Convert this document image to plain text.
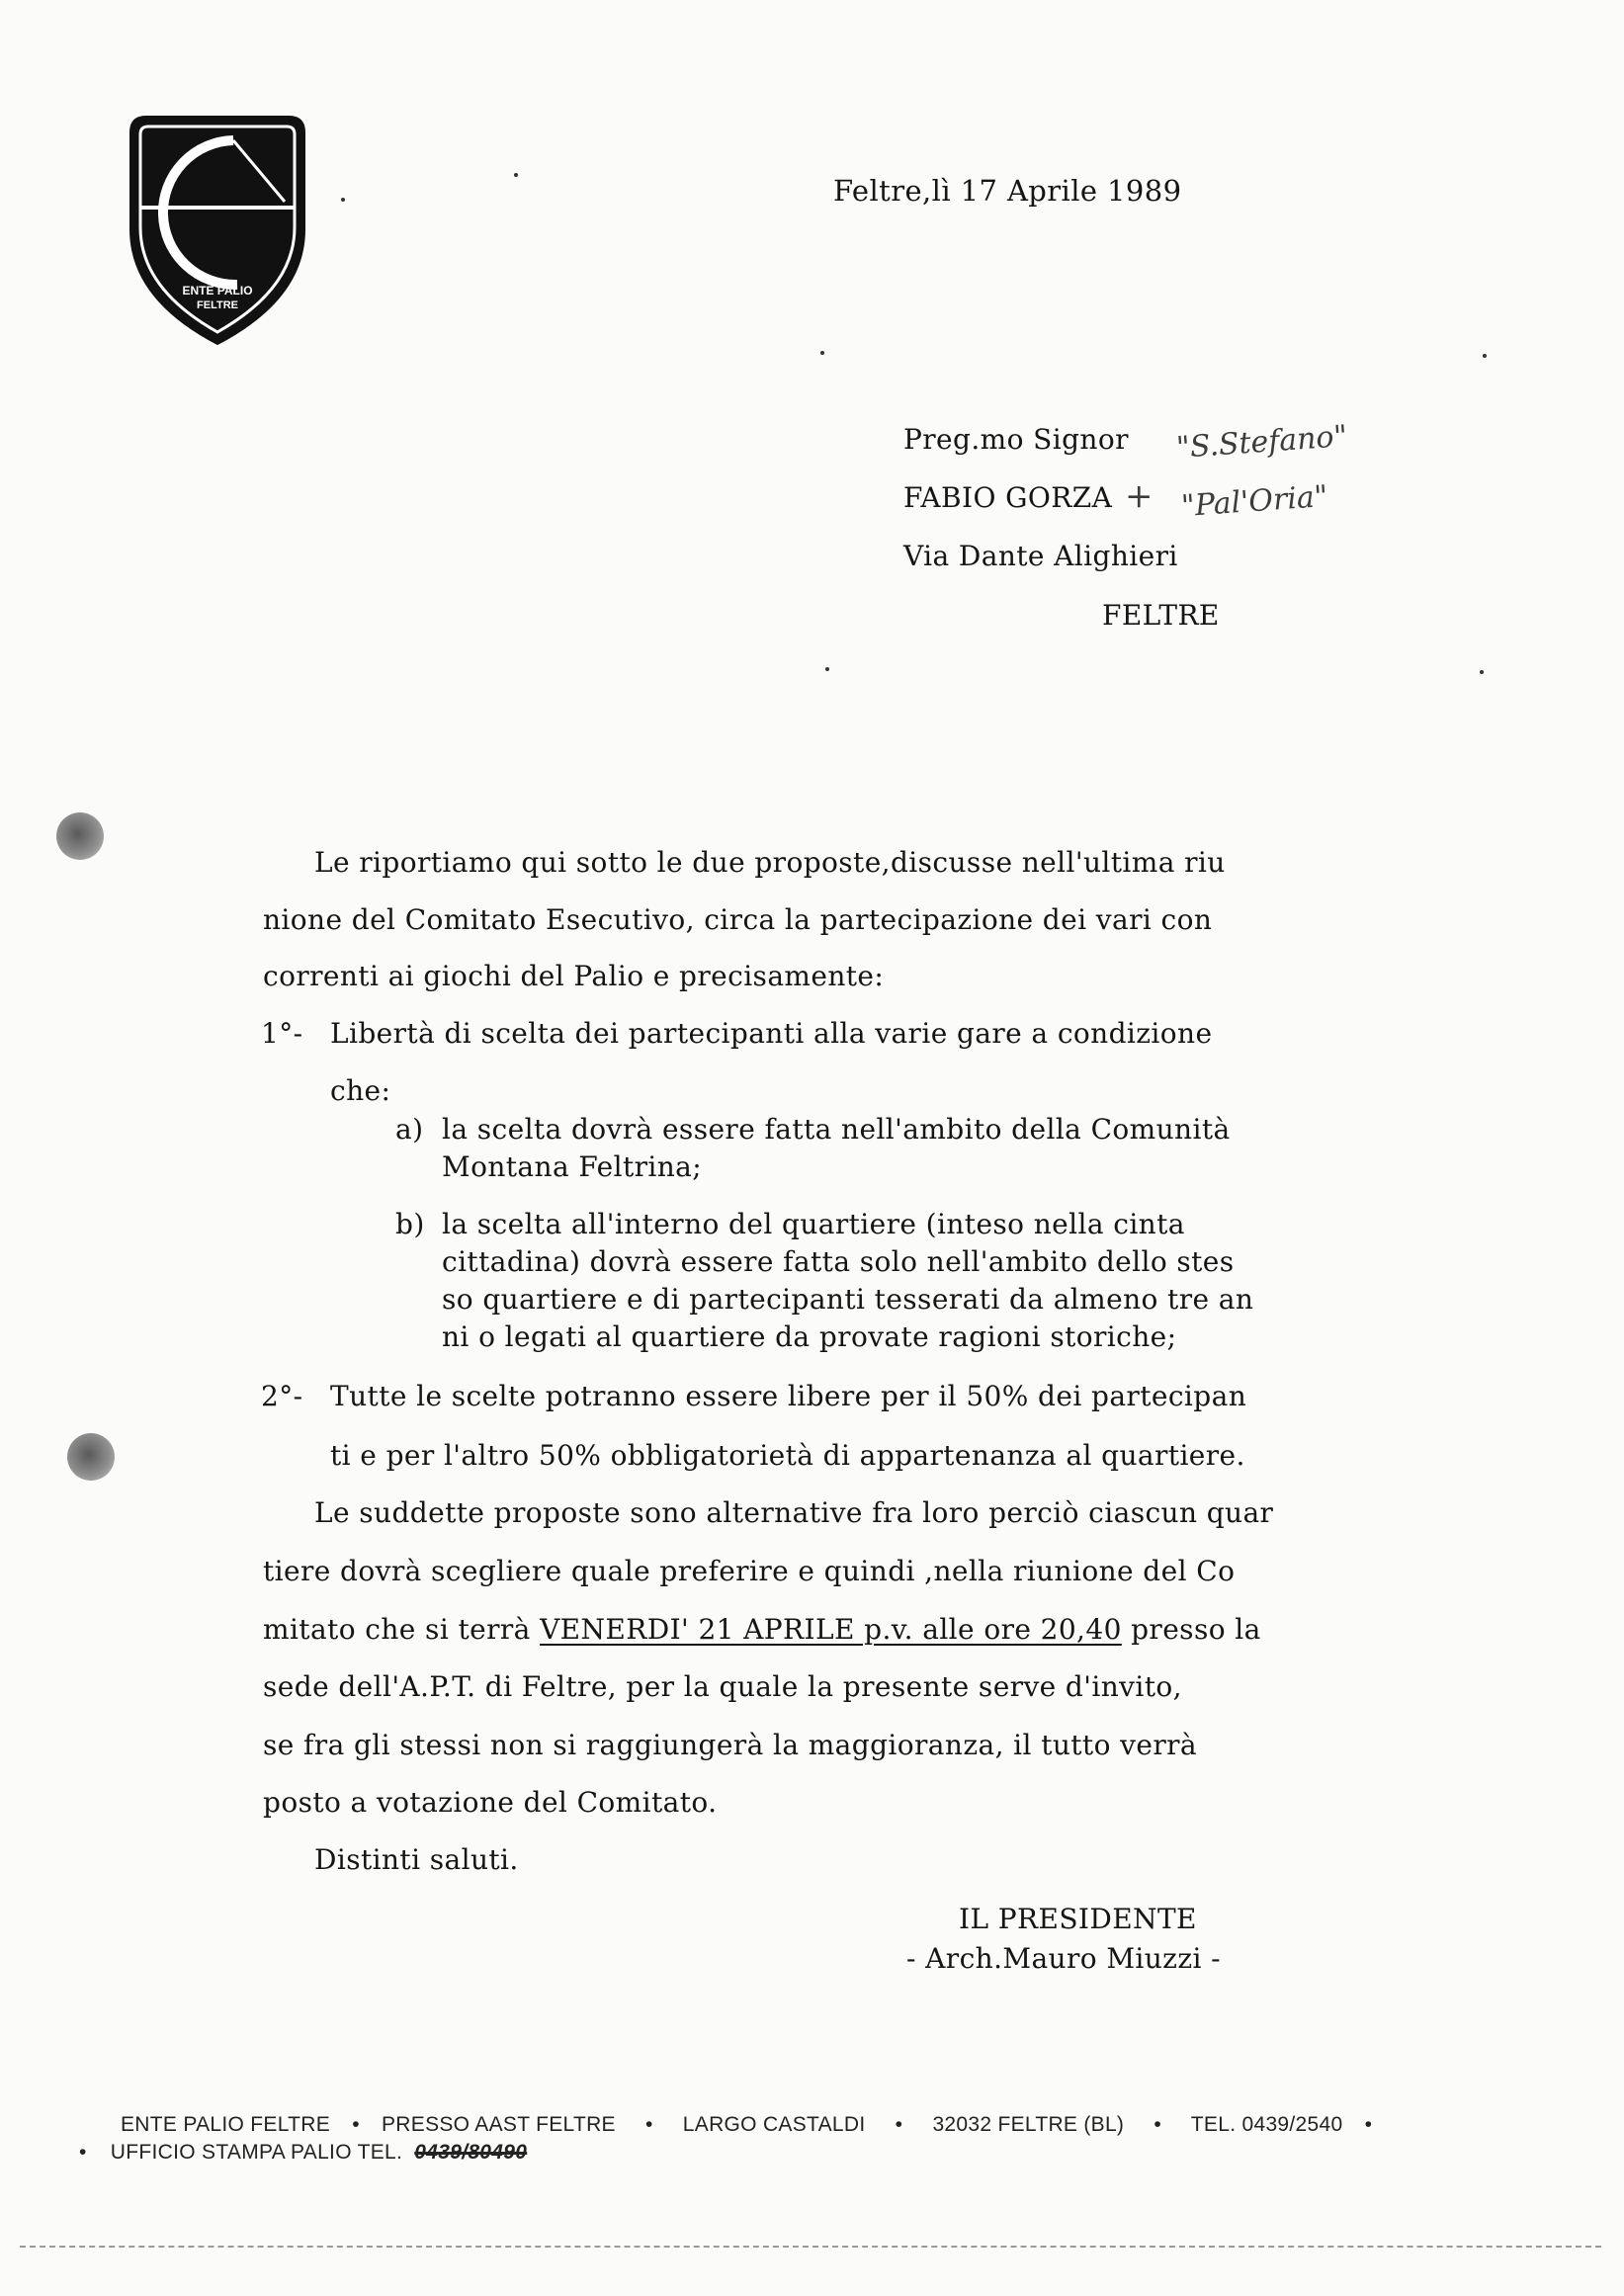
ENTE PALIO
FELTRE
Feltre,lì 17 Aprile 1989
Preg.mo Signor
FABIO GORZA
Via Dante Alighieri
FELTRE
"S.Stefano"
+ "Pal'Oria"
Le riportiamo qui sotto le due proposte,discusse nell'ultima riu
nione del Comitato Esecutivo, circa la partecipazione dei vari con
correnti ai giochi del Palio e precisamente:
1°- Libertà di scelta dei partecipanti alla varie gare a condizione
che:
a) la scelta dovrà essere fatta nell'ambito della Comunità
Montana Feltrina;
b) la scelta all'interno del quartiere (inteso nella cinta
cittadina) dovrà essere fatta solo nell'ambito dello stes
so quartiere e di partecipanti tesserati da almeno tre an
ni o legati al quartiere da provate ragioni storiche;
2°- Tutte le scelte potranno essere libere per il 50% dei partecipan
ti e per l'altro 50% obbligatorietà di appartenanza al quartiere.
Le suddette proposte sono alternative fra loro perciò ciascun quar
tiere dovrà scegliere quale preferire e quindi ,nella riunione del Co
mitato che si terrà VENERDI' 21 APRILE p.v. alle ore 20,40 presso la
sede dell'A.P.T. di Feltre, per la quale la presente serve d'invito,
se fra gli stessi non si raggiungerà la maggioranza, il tutto verrà
posto a votazione del Comitato.
Distinti saluti.
IL PRESIDENTE
- Arch.Mauro Miuzzi -
ENTE PALIO FELTRE • PRESSO AAST FELTRE • LARGO CASTALDI • 32032 FELTRE (BL) • TEL. 0439/2540 •
• UFFICIO STAMPA PALIO TEL. 0439/80490
